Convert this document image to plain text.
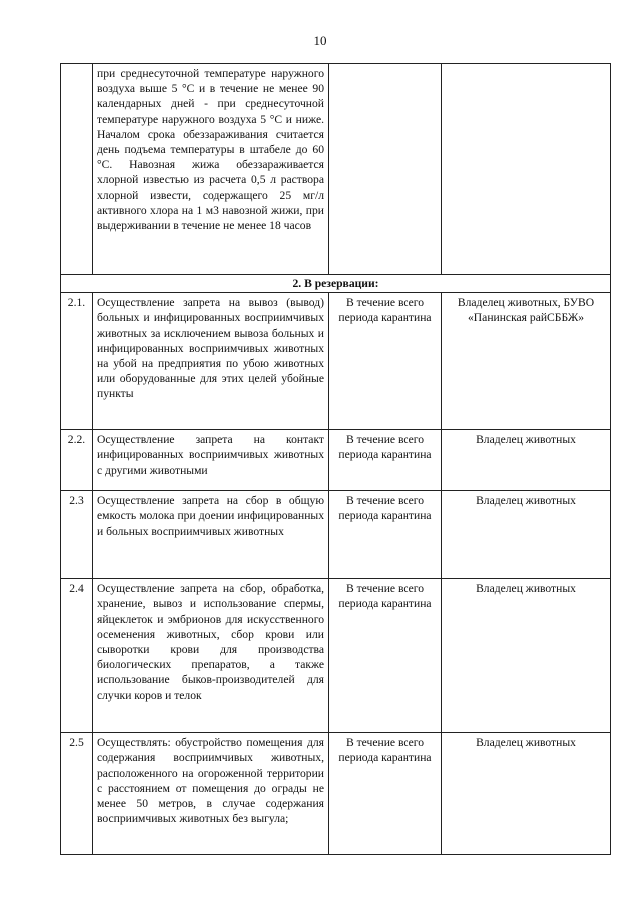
10
	при среднесуточной температуре наружного воздуха выше 5 °С и в течение не менее 90 календарных дней - при среднесуточной температуре наружного воздуха 5 °С и ниже. Началом срока обеззараживания считается день подъема температуры в штабеле до 60 °С. Навозная жижа обеззараживается хлорной известью из расчета 0,5 л раствора хлорной извести, содержащего 25 мг/л активного хлора на 1 м3 навозной жижи, при выдерживании в течение не менее 18 часов		
2. В резервации:			
2.1.	Осуществление запрета на вывоз (вывод) больных и инфицированных восприимчивых животных за исключением вывоза больных и инфицированных восприимчивых животных на убой на предприятия по убою животных или оборудованные для этих целей убойные пункты	В течение всего периода карантина	Владелец животных, БУВО «Панинская райСББЖ»
2.2.	Осуществление запрета на контакт инфицированных восприимчивых животных с другими животными	В течение всего периода карантина	Владелец животных
2.3	Осуществление запрета на сбор в общую емкость молока при доении инфицированных и больных восприимчивых животных	В течение всего периода карантина	Владелец животных
2.4	Осуществление запрета на сбор, обработка, хранение, вывоз и использование спермы, яйцеклеток и эмбрионов для искусственного осеменения животных, сбор крови или сыворотки крови для производства биологических препаратов, а также использование быков-производителей для случки коров и телок	В течение всего периода карантина	Владелец животных
2.5	Осуществлять: обустройство помещения для содержания восприимчивых животных, расположенного на огороженной территории с расстоянием от помещения до ограды не менее 50 метров, в случае содержания восприимчивых животных без выгула;	В течение всего периода карантина	Владелец животных
